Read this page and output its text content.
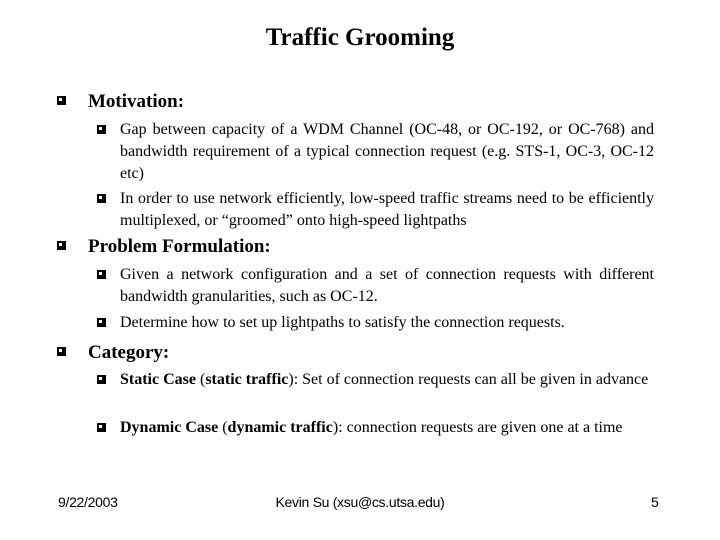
Traffic Grooming
Motivation:
Gap between capacity of a WDM Channel (OC-48, or OC-192, or OC-768) and bandwidth requirement of a typical connection request (e.g. STS-1, OC-3, OC-12 etc)
In order to use network efficiently, low-speed traffic streams need to be efficiently multiplexed, or “groomed” onto high-speed lightpaths
Problem Formulation:
Given a network configuration and a set of connection requests with different bandwidth granularities, such as OC-12.
Determine how to set up lightpaths to satisfy the connection requests.
Category:
Static Case (static traffic): Set of connection requests can all be given in advance
Dynamic Case (dynamic traffic): connection requests are given one at a time
9/22/2003	Kevin Su (xsu@cs.utsa.edu)	5
